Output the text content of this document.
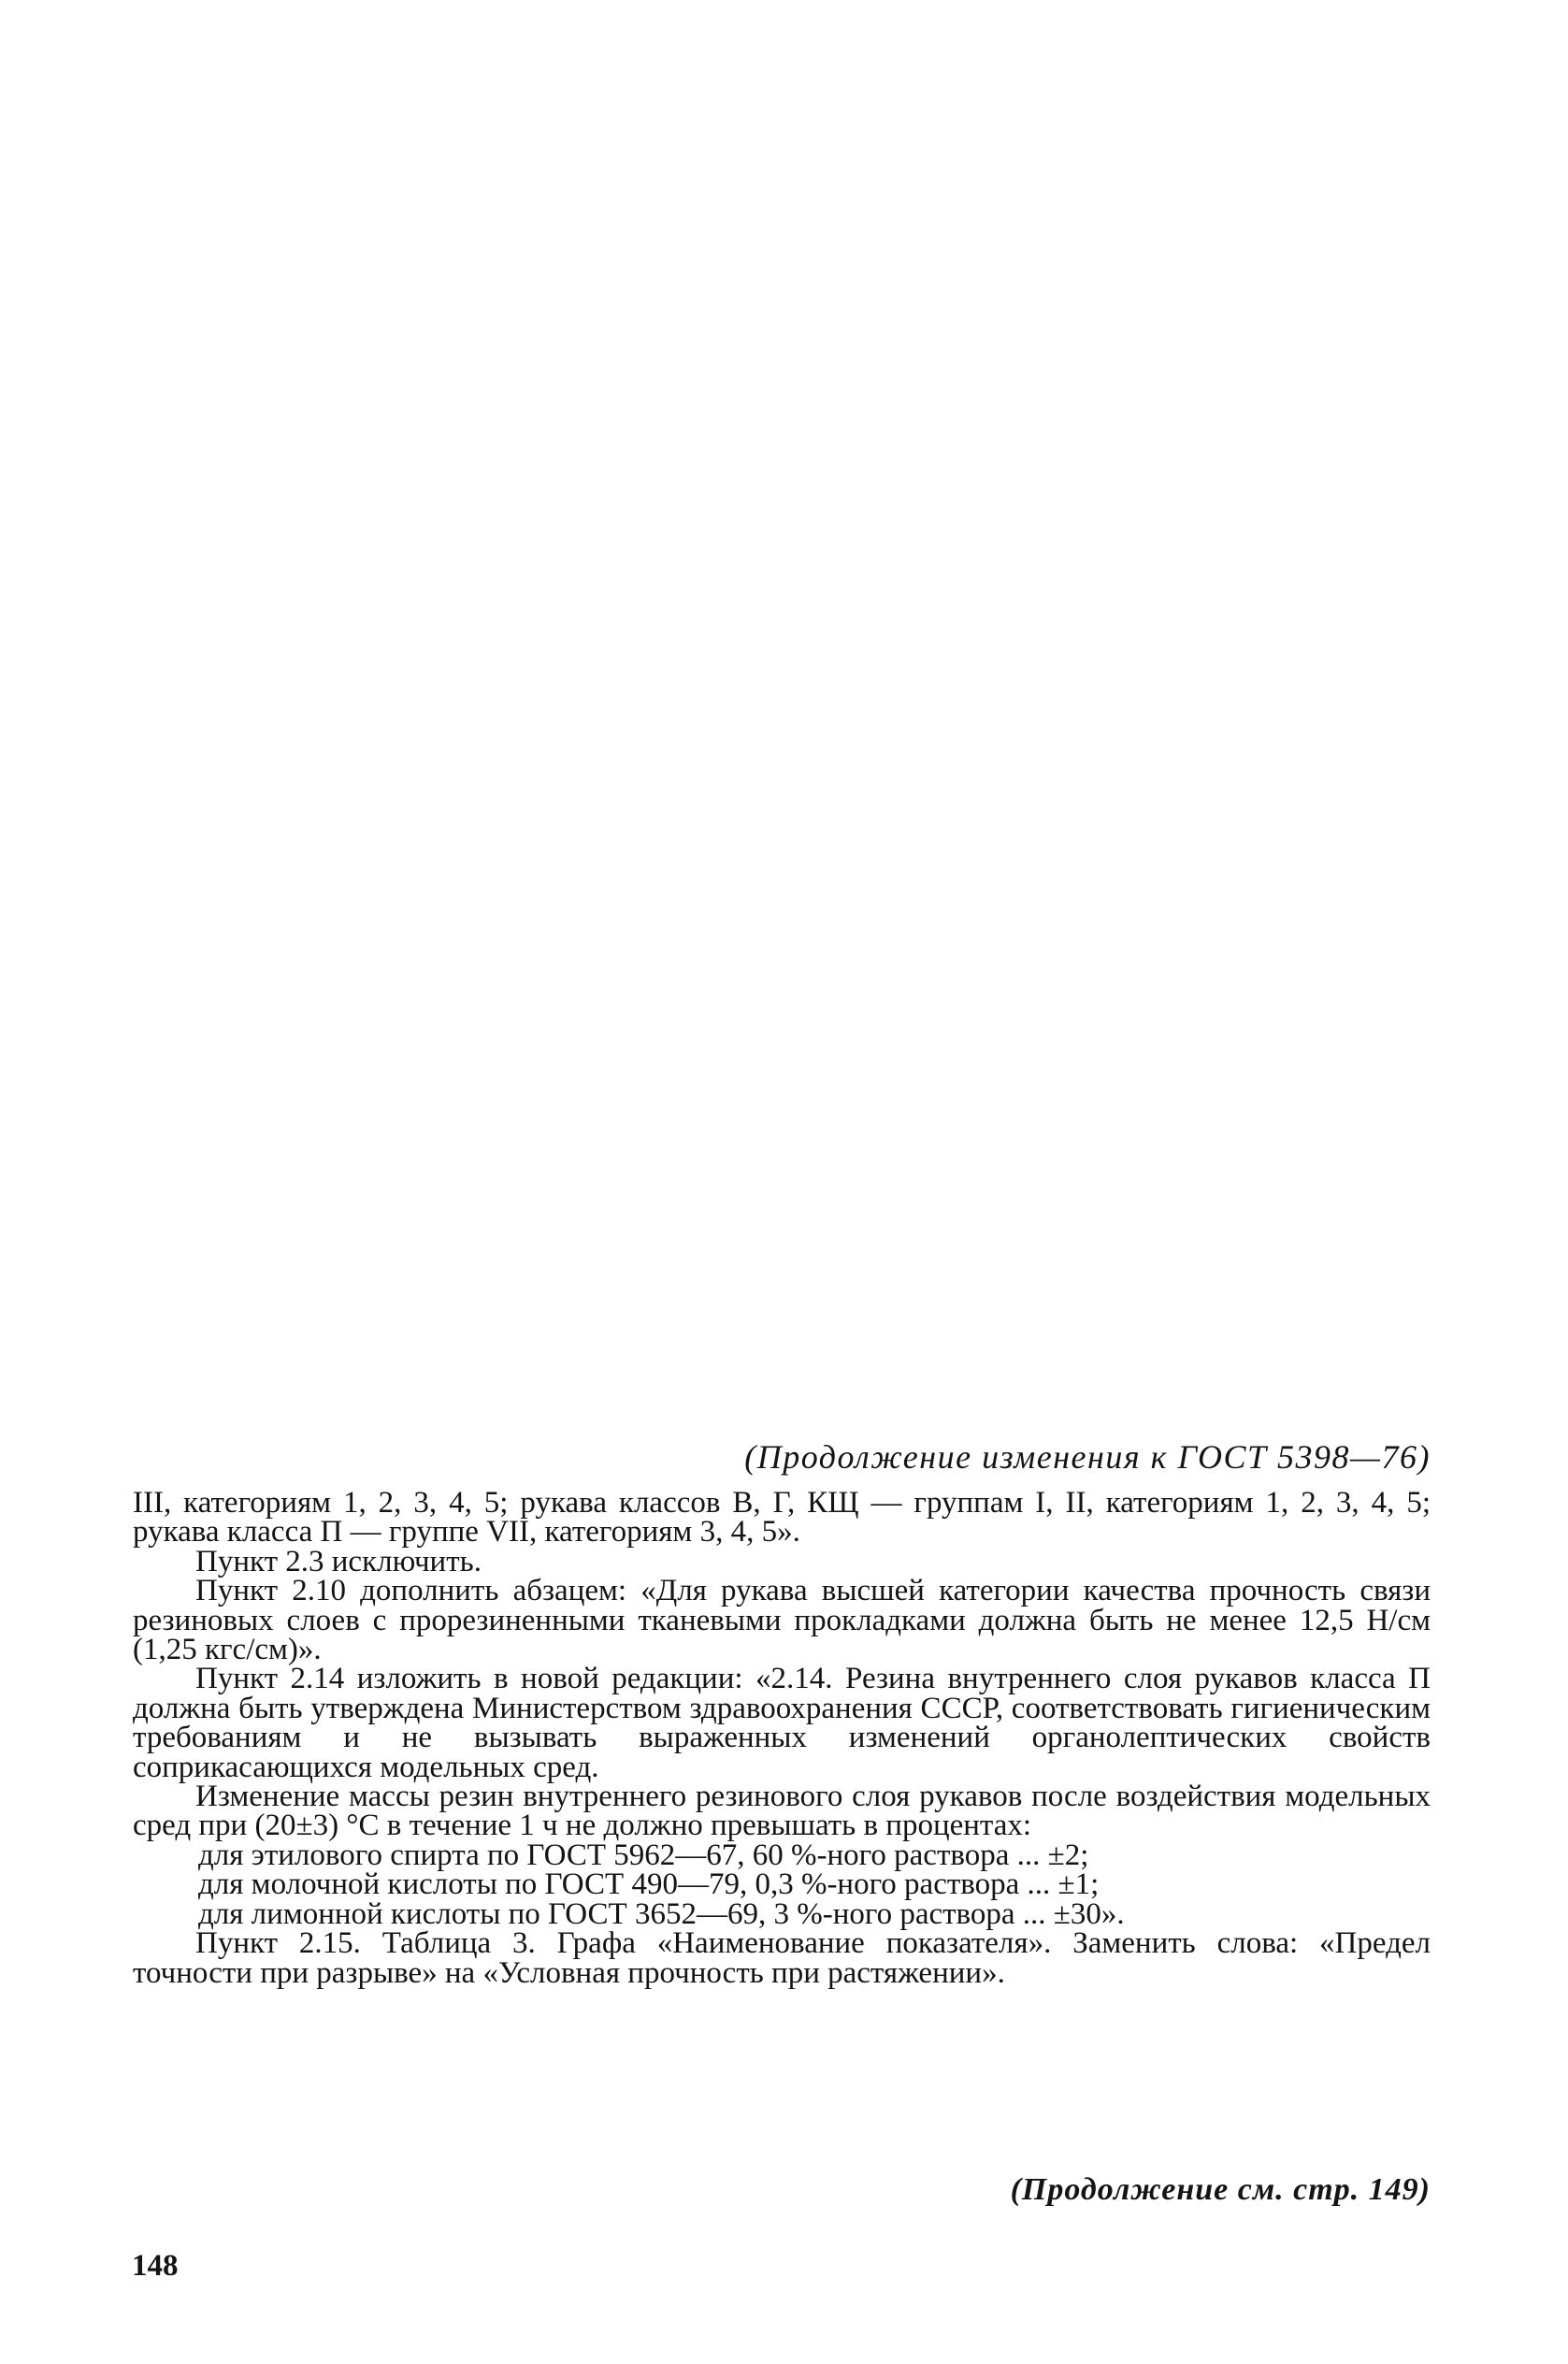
(Продолжение изменения к ГОСТ 5398—76)

III, категориям 1, 2, 3, 4, 5; рукава классов В, Г, КЩ — группам I, II, категориям 1, 2, 3, 4, 5; рукава класса П — группе VII, категориям 3, 4, 5».

Пункт 2.3 исключить.

Пункт 2.10 дополнить абзацем: «Для рукава высшей категории качества прочность связи резиновых слоев с прорезиненными тканевыми прокладками должна быть не менее 12,5 Н/см (1,25 кгс/см)».

Пункт 2.14 изложить в новой редакции: «2.14. Резина внутреннего слоя рукавов класса П должна быть утверждена Министерством здравоохранения СССР, соответствовать гигиеническим требованиям и не вызывать выраженных изменений органолептических свойств соприкасающихся модельных сред.

Изменение массы резин внутреннего резинового слоя рукавов после воздействия модельных сред при (20±3) °С в течение 1 ч не должно превышать в процентах:

для этилового спирта по ГОСТ 5962—67, 60 %-ного раствора ... ±2;

для молочной кислоты по ГОСТ 490—79, 0,3 %-ного раствора ... ±1;

для лимонной кислоты по ГОСТ 3652—69, 3 %-ного раствора ... ±30».

Пункт 2.15. Таблица 3. Графа «Наименование показателя». Заменить слова: «Предел точности при разрыве» на «Условная прочность при растяжении».

(Продолжение см. стр. 149)
148
